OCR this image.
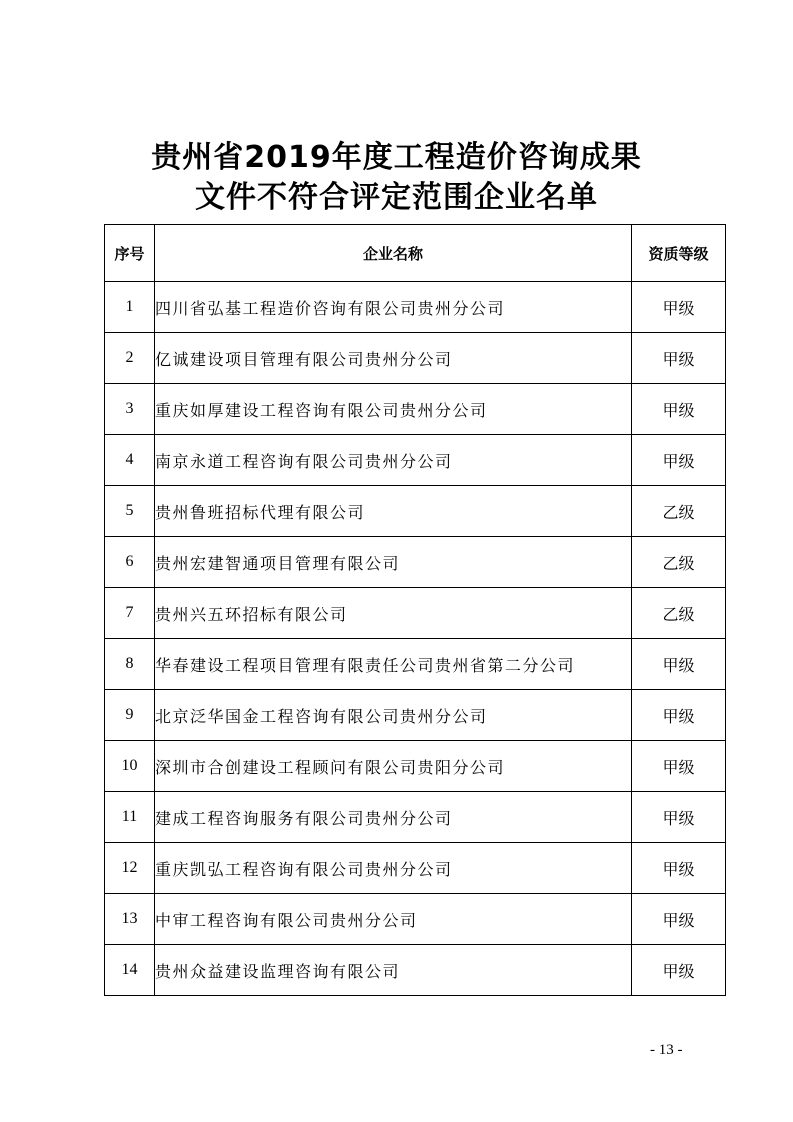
贵州省2019年度工程造价咨询成果
文件不符合评定范围企业名单
序号	企业名称	资质等级
1	四川省弘基工程造价咨询有限公司贵州分公司	甲级
2	亿诚建设项目管理有限公司贵州分公司	甲级
3	重庆如厚建设工程咨询有限公司贵州分公司	甲级
4	南京永道工程咨询有限公司贵州分公司	甲级
5	贵州鲁班招标代理有限公司	乙级
6	贵州宏建智通项目管理有限公司	乙级
7	贵州兴五环招标有限公司	乙级
8	华春建设工程项目管理有限责任公司贵州省第二分公司	甲级
9	北京泛华国金工程咨询有限公司贵州分公司	甲级
10	深圳市合创建设工程顾问有限公司贵阳分公司	甲级
11	建成工程咨询服务有限公司贵州分公司	甲级
12	重庆凯弘工程咨询有限公司贵州分公司	甲级
13	中审工程咨询有限公司贵州分公司	甲级
14	贵州众益建设监理咨询有限公司	甲级
- 13 -
